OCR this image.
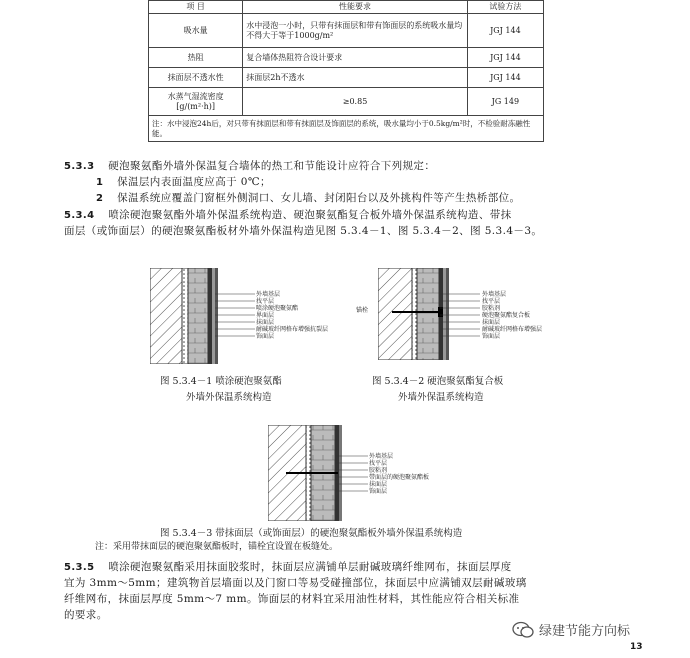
项 目	性能要求	试验方法
吸水量	水中浸泡一小时，只带有抹面层和带有饰面层的系统吸水量均不得大于等于1000g/m²	JGJ 144
热阻	复合墙体热阻符合设计要求	JGJ 144
抹面层不透水性	抹面层2h不透水	JGJ 144
水蒸气湿流密度 [g/(m²·h)]	≥0.85	JG 149
注：水中浸泡24h后，对只带有抹面层和带有抹面层及饰面层的系统，吸水量均小于0.5kg/m²时，不检验耐冻融性能。		
5.3.3 硬泡聚氨酯外墙外保温复合墙体的热工和节能设计应符合下列规定：
1 保温层内表面温度应高于 0℃；
2 保温系统应覆盖门窗框外侧洞口、女儿墙、封闭阳台以及外挑构件等产生热桥部位。
5.3.4 喷涂硬泡聚氨酯外墙外保温系统构造、硬泡聚氨酯复合板外墙外保温系统构造、带抹
面层（或饰面层）的硬泡聚氨酯板材外墙外保温构造见图 5.3.4－1、图 5.3.4－2、图 5.3.4－3。
外墙基层
找平层
喷涂硬泡聚氨酯
界面层
抹面层
耐碱玻纤网格布增强抗裂层
饰面层
图 5.3.4－1 喷涂硬泡聚氨酯
外墙外保温系统构造
锚栓
外墙基层
找平层
胶粘剂
硬泡聚氨酯复合板
抹面层
耐碱玻纤网格布增强层
饰面层
图 5.3.4－2 硬泡聚氨酯复合板
外墙外保温系统构造
外墙基层
找平层
胶粘剂
带面层的硬泡聚氨酯板
抹面层
饰面层
图 5.3.4－3 带抹面层（或饰面层）的硬泡聚氨酯板外墙外保温系统构造
注：采用带抹面层的硬泡聚氨酯板时，锚栓宜设置在板缝处。
5.3.5 喷涂硬泡聚氨酯采用抹面胶浆时，抹面层应满铺单层耐碱玻璃纤维网布，抹面层厚度
宜为 3mm～5mm；建筑物首层墙面以及门窗口等易受碰撞部位，抹面层中应满铺双层耐碱玻璃
纤维网布，抹面层厚度 5mm～7 mm。饰面层的材料宜采用油性材料，其性能应符合相关标准
的要求。
绿建节能方向标
13
